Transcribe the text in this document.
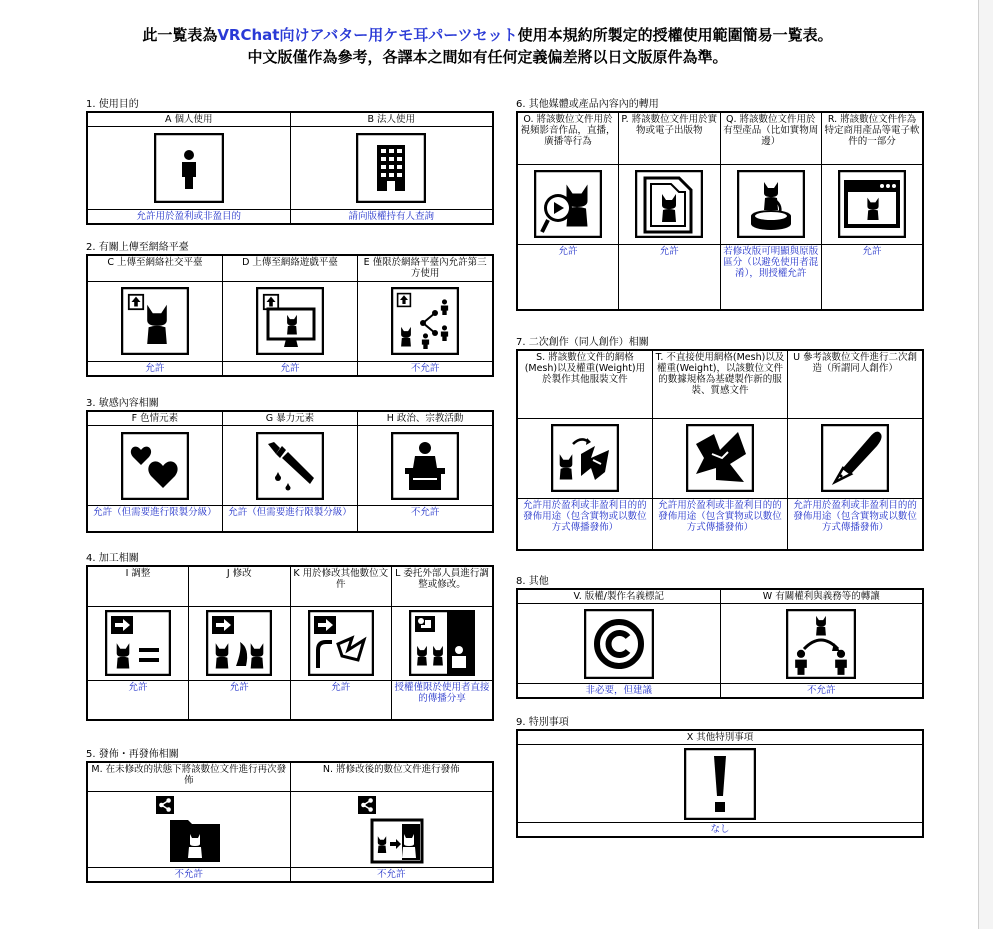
此一覧表為VRChat向けアバター用ケモ耳パーツセット使用本規約所製定的授權使用範圍簡易一覧表。
中文版僅作為參考，各譯本之間如有任何定義偏差將以日文版原件為準。
1. 使用目的
A 個人使用	B 法人使用

允許用於盈利或非盈目的	請向版權持有人查詢
2. 有關上傳至網絡平臺
C 上傳至網絡社交平臺	D 上傳至網絡遊戲平臺	E 僅限於網絡平臺內允許第三方使用

允許	允許	不允許
3. 敏感內容相關
F 色情元素	G 暴力元素	H 政治、宗教活動

允許（但需要進行限製分級）	允許（但需要進行限製分級）	不允許
4. 加工相關
I 調整	J 修改	K 用於修改其他數位文件	L 委托外部人員進行調整或修改。

允許	允許	允許	授權僅限於使用者直接的傳播分享
5. 發佈・再發佈相關
M. 在未修改的狀態下將該數位文件進行再次發佈	N. 將修改後的數位文件進行發佈

不允許	不允許
6. 其他媒體或產品內容內的轉用
O. 將該數位文件用於視頻影音作品，直播，廣播等行為	P. 將該數位文件用於實物或電子出版物	Q. 將該數位文件用於有型產品（比如實物周邊）	R. 將該數位文件作為特定商用產品等電子軟件的一部分

允許	允許	若修改版可明顯與原版區分（以避免使用者混淆），則授權允許	允許
7. 二次創作（同人創作）相關
S. 將該數位文件的網格(Mesh)以及權重(Weight)用於製作其他服裝文件	T. 不直接使用網格(Mesh)以及權重(Weight)，以該數位文件的數據規格為基礎製作新的服裝、質感文件	U 參考該數位文件進行二次創造（所謂同人創作）

允許用於盈利或非盈利目的的發佈用途（包含實物或以數位方式傳播發佈）	允許用於盈利或非盈利目的的發佈用途（包含實物或以數位方式傳播發佈）	允許用於盈利或非盈利目的的發佈用途（包含實物或以數位方式傳播發佈）
8. 其他
V. 版權/製作名義標記	W 有關權利與義務等的轉讓

非必要，但建議	不允許
9. 特別事項
X 其他特別事項

なし
